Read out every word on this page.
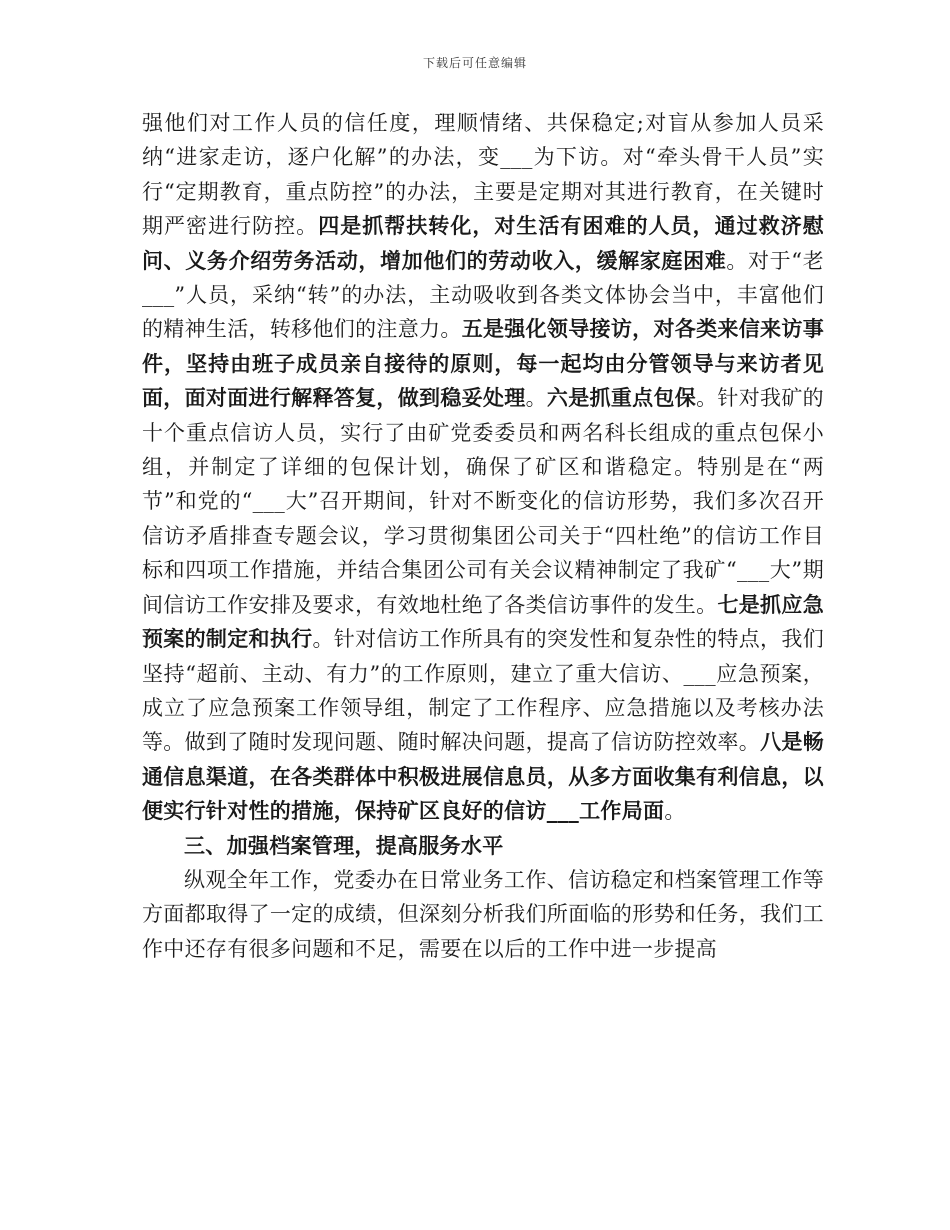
下载后可任意编辑

强他们对工作人员的信任度，理顺情绪、共保稳定;对盲从参加人员采纳“进家走访，逐户化解”的办法，变___为下访。对“牵头骨干人员”实行“定期教育，重点防控”的办法，主要是定期对其进行教育，在关键时期严密进行防控。四是抓帮扶转化，对生活有困难的人员，通过救济慰问、义务介绍劳务活动，增加他们的劳动收入，缓解家庭困难。对于“老___”人员，采纳“转”的办法，主动吸收到各类文体协会当中，丰富他们的精神生活，转移他们的注意力。五是强化领导接访，对各类来信来访事件，坚持由班子成员亲自接待的原则，每一起均由分管领导与来访者见面，面对面进行解释答复，做到稳妥处理。六是抓重点包保。针对我矿的十个重点信访人员，实行了由矿党委委员和两名科长组成的重点包保小组，并制定了详细的包保计划，确保了矿区和谐稳定。特别是在“两节”和党的“___大”召开期间，针对不断变化的信访形势，我们多次召开信访矛盾排查专题会议，学习贯彻集团公司关于“四杜绝”的信访工作目标和四项工作措施，并结合集团公司有关会议精神制定了我矿“___大”期间信访工作安排及要求，有效地杜绝了各类信访事件的发生。七是抓应急预案的制定和执行。针对信访工作所具有的突发性和复杂性的特点，我们坚持“超前、主动、有力”的工作原则，建立了重大信访、___应急预案，成立了应急预案工作领导组，制定了工作程序、应急措施以及考核办法等。做到了随时发现问题、随时解决问题，提高了信访防控效率。八是畅通信息渠道，在各类群体中积极进展信息员，从多方面收集有利信息，以便实行针对性的措施，保持矿区良好的信访___工作局面。

三、加强档案管理，提高服务水平

纵观全年工作，党委办在日常业务工作、信访稳定和档案管理工作等方面都取得了一定的成绩，但深刻分析我们所面临的形势和任务，我们工作中还存有很多问题和不足，需要在以后的工作中进一步提高
